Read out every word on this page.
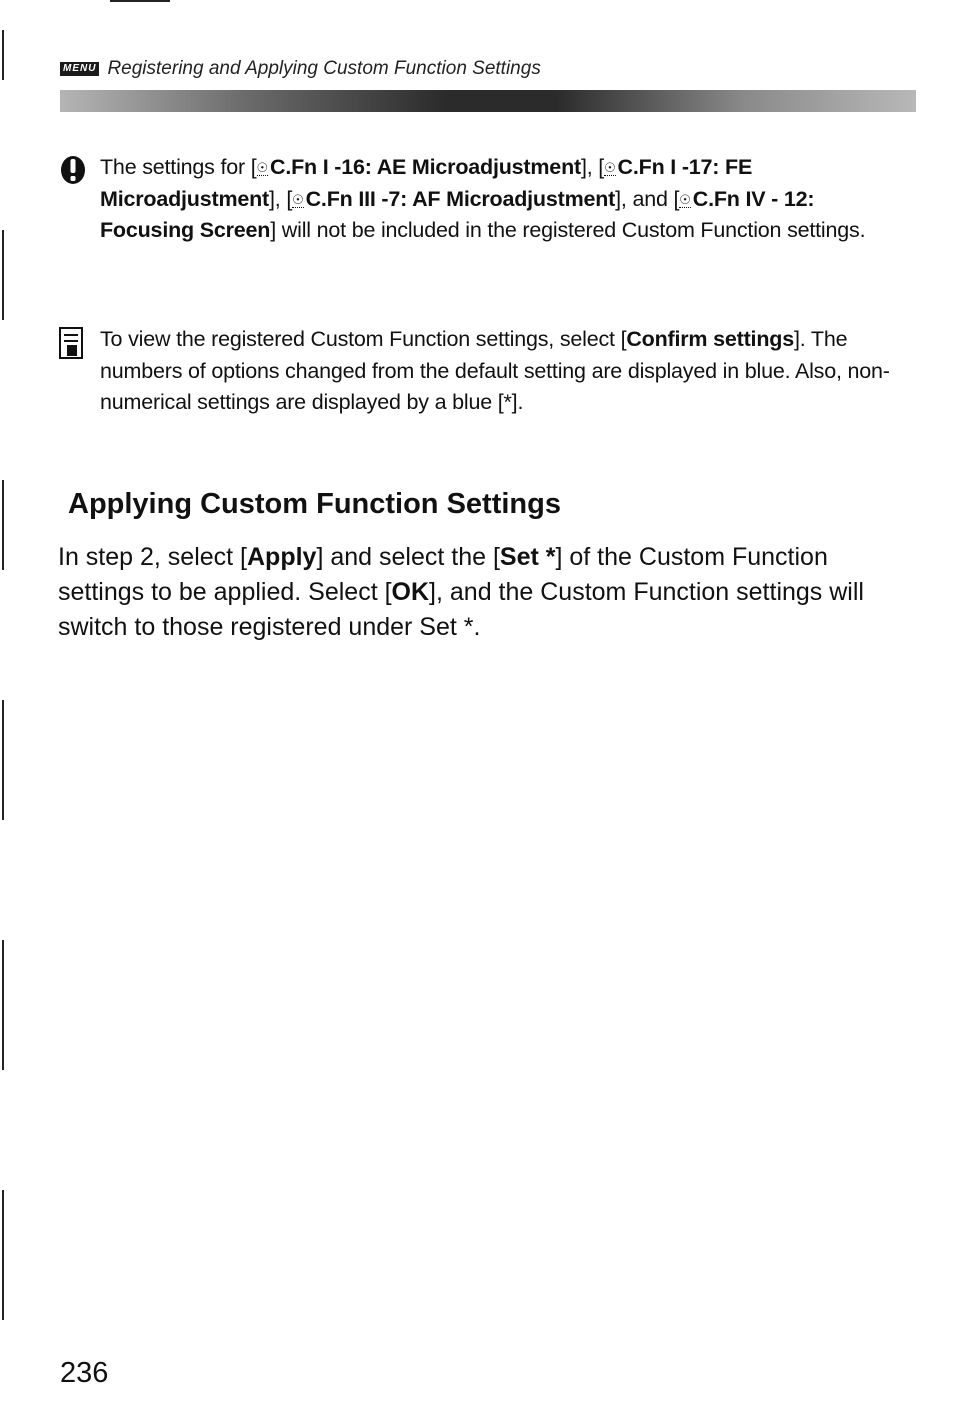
MENU Registering and Applying Custom Function Settings
The settings for [☉C.Fn I -16: AE Microadjustment], [☉C.Fn I -17: FE Microadjustment], [☉C.Fn III -7: AF Microadjustment], and [☉C.Fn IV - 12: Focusing Screen] will not be included in the registered Custom Function settings.
To view the registered Custom Function settings, select [Confirm settings]. The numbers of options changed from the default setting are displayed in blue. Also, non-numerical settings are displayed by a blue [*].
Applying Custom Function Settings

In step 2, select [Apply] and select the [Set *] of the Custom Function settings to be applied. Select [OK], and the Custom Function settings will switch to those registered under Set *.

236
